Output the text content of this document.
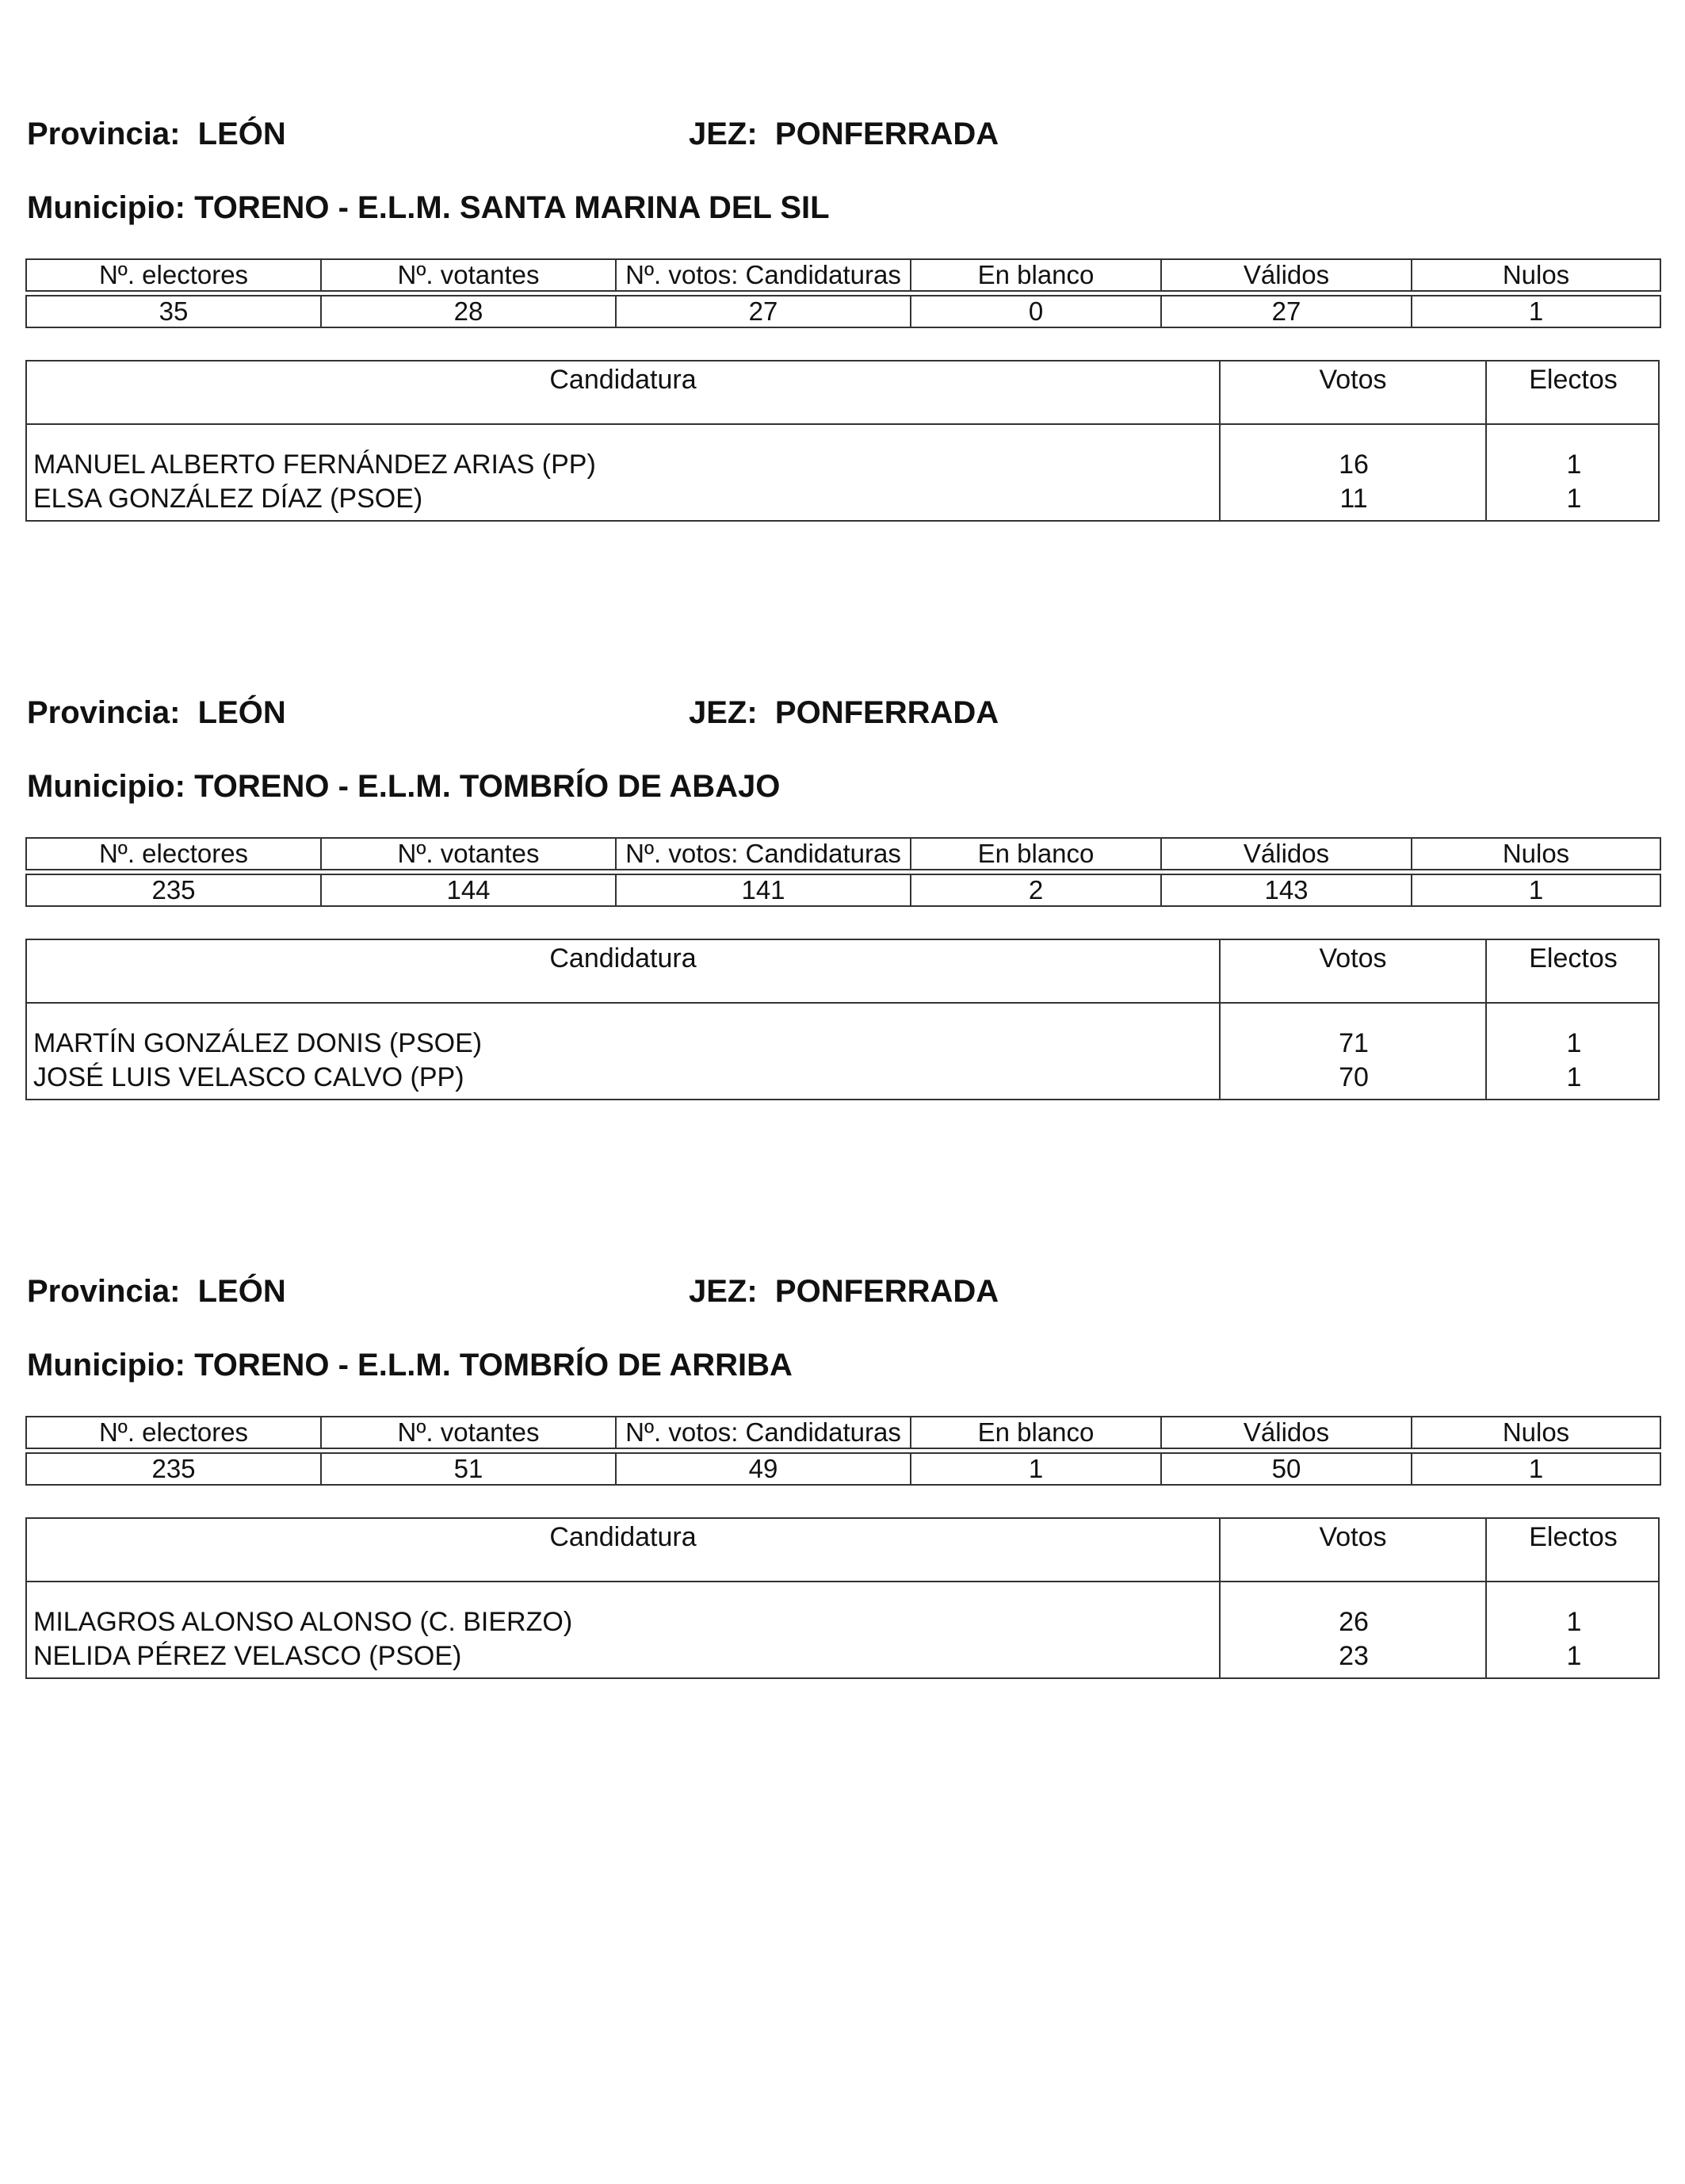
Provincia: LEÓN	JEZ: PONFERRADA
Municipio: TORENO - E.L.M. SANTA MARINA DEL SIL
Nº. electores	Nº. votantes	Nº. votos: Candidaturas	En blanco	Válidos	Nulos

35	28	27	0	27	1
Candidatura	Votos	Electos
MANUEL ALBERTO FERNÁNDEZ ARIAS (PP)	16	1
ELSA GONZÁLEZ DÍAZ (PSOE)	11	1
Provincia: LEÓN	JEZ: PONFERRADA
Municipio: TORENO - E.L.M. TOMBRÍO DE ABAJO
Nº. electores	Nº. votantes	Nº. votos: Candidaturas	En blanco	Válidos	Nulos

235	144	141	2	143	1
Candidatura	Votos	Electos
MARTÍN GONZÁLEZ DONIS (PSOE)	71	1
JOSÉ LUIS VELASCO CALVO (PP)	70	1
Provincia: LEÓN	JEZ: PONFERRADA
Municipio: TORENO - E.L.M. TOMBRÍO DE ARRIBA
Nº. electores	Nº. votantes	Nº. votos: Candidaturas	En blanco	Válidos	Nulos

235	51	49	1	50	1
Candidatura	Votos	Electos
MILAGROS ALONSO ALONSO (C. BIERZO)	26	1
NELIDA PÉREZ VELASCO (PSOE)	23	1
